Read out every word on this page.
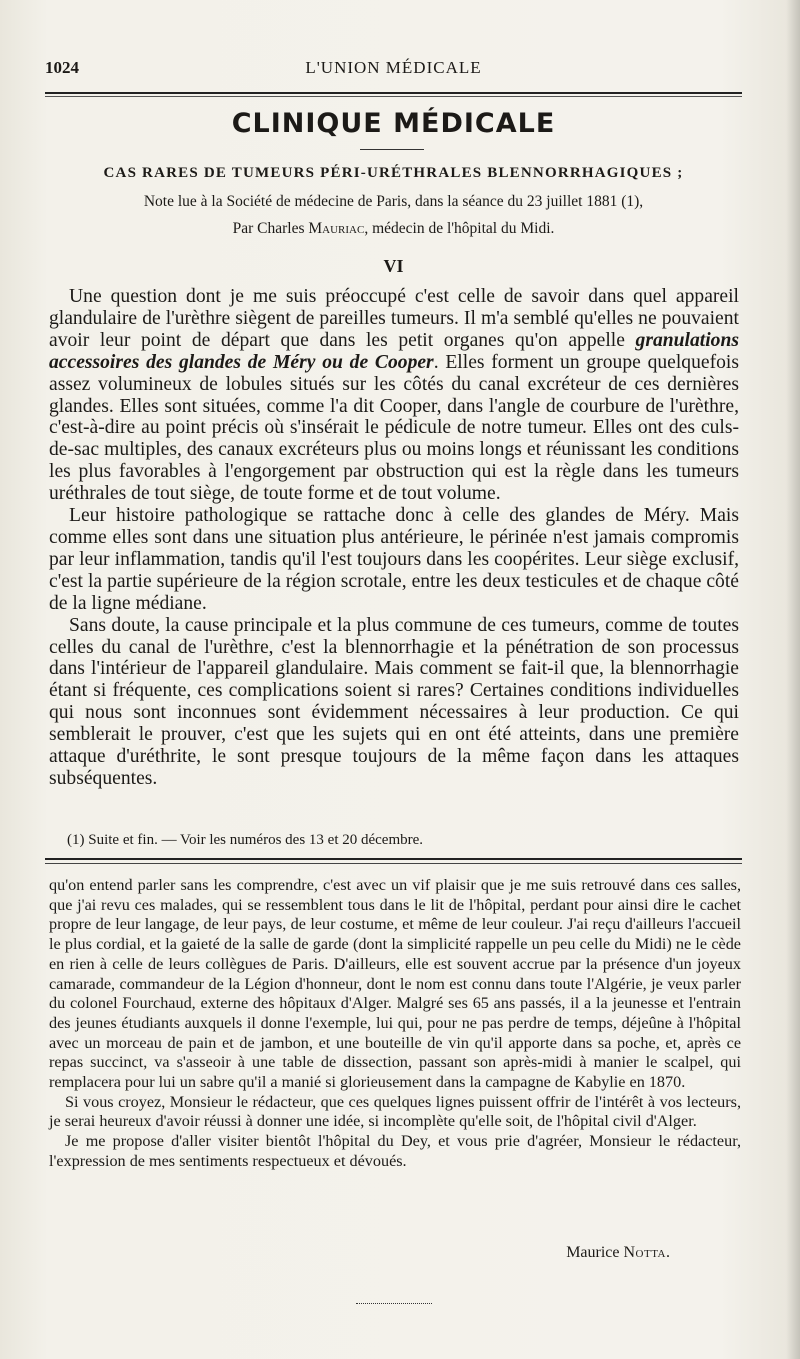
1024	L'UNION MÉDICALE
CLINIQUE MÉDICALE
CAS RARES DE TUMEURS PÉRI-URÉTHRALES BLENNORRHAGIQUES ;
Note lue à la Société de médecine de Paris, dans la séance du 23 juillet 1881 (1),
Par Charles Mauriac, médecin de l'hôpital du Midi.
VI

Une question dont je me suis préoccupé c'est celle de savoir dans quel appareil glandulaire de l'urèthre siègent de pareilles tumeurs. Il m'a semblé qu'elles ne pouvaient avoir leur point de départ que dans les petit organes qu'on appelle granulations accessoires des glandes de Méry ou de Cooper. Elles forment un groupe quelquefois assez volumineux de lobules situés sur les côtés du canal excréteur de ces dernières glandes. Elles sont situées, comme l'a dit Cooper, dans l'angle de courbure de l'urèthre, c'est-à-dire au point précis où s'insérait le pédicule de notre tumeur. Elles ont des culs-de-sac multiples, des canaux excréteurs plus ou moins longs et réunissant les conditions les plus favorables à l'engorgement par obstruction qui est la règle dans les tumeurs uréthrales de tout siège, de toute forme et de tout volume.

Leur histoire pathologique se rattache donc à celle des glandes de Méry. Mais comme elles sont dans une situation plus antérieure, le périnée n'est jamais compromis par leur inflammation, tandis qu'il l'est toujours dans les coopérites. Leur siège exclusif, c'est la partie supérieure de la région scrotale, entre les deux testicules et de chaque côté de la ligne médiane.

Sans doute, la cause principale et la plus commune de ces tumeurs, comme de toutes celles du canal de l'urèthre, c'est la blennorrhagie et la pénétration de son processus dans l'intérieur de l'appareil glandulaire. Mais comment se fait-il que, la blennorrhagie étant si fréquente, ces complications soient si rares? Certaines conditions individuelles qui nous sont inconnues sont évidemment nécessaires à leur production. Ce qui semblerait le prouver, c'est que les sujets qui en ont été atteints, dans une première attaque d'uréthrite, le sont presque toujours de la même façon dans les attaques subséquentes.

(1) Suite et fin. — Voir les numéros des 13 et 20 décembre.

qu'on entend parler sans les comprendre, c'est avec un vif plaisir que je me suis retrouvé dans ces salles, que j'ai revu ces malades, qui se ressemblent tous dans le lit de l'hôpital, perdant pour ainsi dire le cachet propre de leur langage, de leur pays, de leur costume, et même de leur couleur. J'ai reçu d'ailleurs l'accueil le plus cordial, et la gaieté de la salle de garde (dont la simplicité rappelle un peu celle du Midi) ne le cède en rien à celle de leurs collègues de Paris. D'ailleurs, elle est souvent accrue par la présence d'un joyeux camarade, commandeur de la Légion d'honneur, dont le nom est connu dans toute l'Algérie, je veux parler du colonel Fourchaud, externe des hôpitaux d'Alger. Malgré ses 65 ans passés, il a la jeunesse et l'entrain des jeunes étudiants auxquels il donne l'exemple, lui qui, pour ne pas perdre de temps, déjeûne à l'hôpital avec un morceau de pain et de jambon, et une bouteille de vin qu'il apporte dans sa poche, et, après ce repas succinct, va s'asseoir à une table de dissection, passant son après-midi à manier le scalpel, qui remplacera pour lui un sabre qu'il a manié si glorieusement dans la campagne de Kabylie en 1870.

Si vous croyez, Monsieur le rédacteur, que ces quelques lignes puissent offrir de l'intérêt à vos lecteurs, je serai heureux d'avoir réussi à donner une idée, si incomplète qu'elle soit, de l'hôpital civil d'Alger.

Je me propose d'aller visiter bientôt l'hôpital du Dey, et vous prie d'agréer, Monsieur le rédacteur, l'expression de mes sentiments respectueux et dévoués.

Maurice Notta.
